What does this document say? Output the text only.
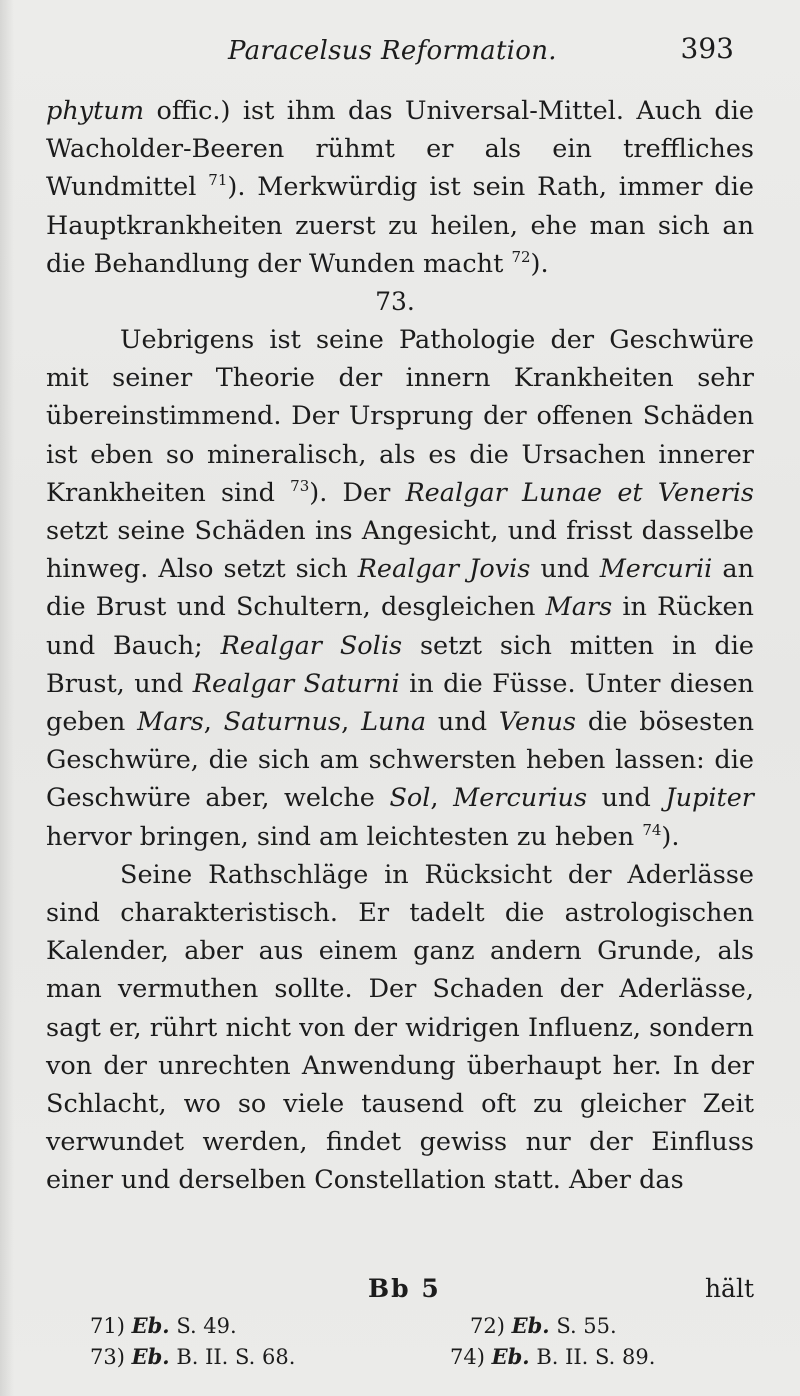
Paracelsus Reformation.	393

phytum offic.) ist ihm das Universal-Mittel. Auch die Wacholder-Beeren rühmt er als ein treffliches Wundmittel $^{71}$). Merkwürdig ist sein Rath, immer die Hauptkrankheiten zuerst zu heilen, ehe man sich an die Behandlung der Wunden macht $^{72}$).

73.

Uebrigens ist seine Pathologie der Geschwüre mit seiner Theorie der innern Krankheiten sehr übereinstimmend. Der Ursprung der offenen Schäden ist eben so mineralisch, als es die Ursachen innerer Krankheiten sind $^{73}$). Der Realgar Lunae et Veneris setzt seine Schäden ins Angesicht, und frisst dasselbe hinweg. Also setzt sich Realgar Jovis und Mercurii an die Brust und Schultern, desgleichen Mars in Rücken und Bauch; Realgar Solis setzt sich mitten in die Brust, und Realgar Saturni in die Füsse. Unter diesen geben Mars, Saturnus, Luna und Venus die bösesten Geschwüre, die sich am schwersten heben lassen: die Geschwüre aber, welche Sol, Mercurius und Jupiter hervor bringen, sind am leichtesten zu heben $^{74}$).

Seine Rathschläge in Rücksicht der Aderlässe sind charakteristisch. Er tadelt die astrologischen Kalender, aber aus einem ganz andern Grunde, als man vermuthen sollte. Der Schaden der Aderlässe, sagt er, rührt nicht von der widrigen Influenz, sondern von der unrechten Anwendung überhaupt her. In der Schlacht, wo so viele tausend oft zu gleicher Zeit verwundet werden, findet gewiss nur der Einfluss einer und derselben Constellation statt. Aber das

Bb 5	hält
71) Eb. S. 49.	72) Eb. S. 55.
73) Eb. B. II. S. 68.	74) Eb. B. II. S. 89.
